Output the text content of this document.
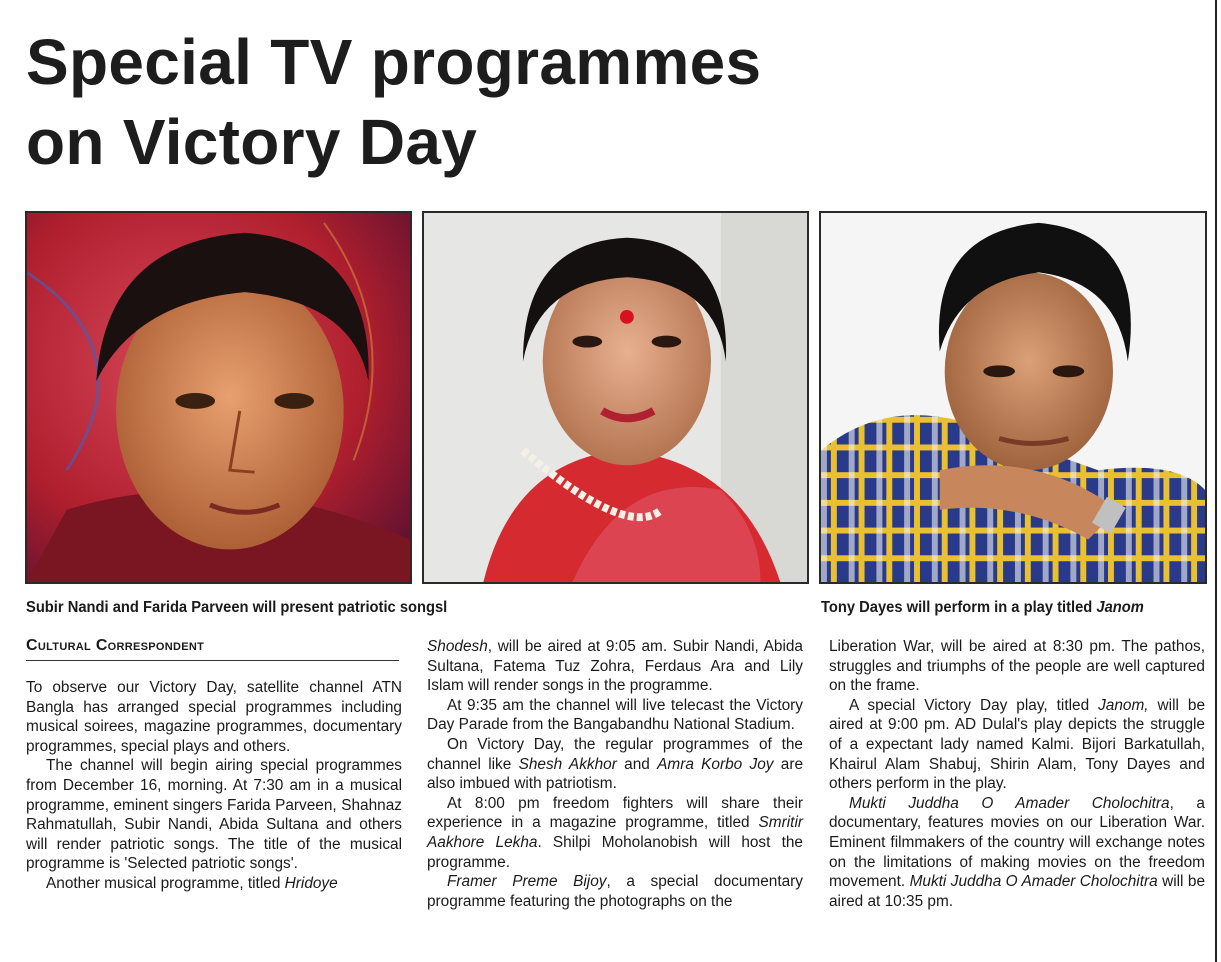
Special TV programmes
on Victory Day
Subir Nandi and Farida Parveen will present patriotic songsl	Tony Dayes will perform in a play titled Janom
Cultural Correspondent

To observe our Victory Day, satellite channel ATN Bangla has arranged special programmes including musical soirees, magazine programmes, documentary programmes, special plays and others.

The channel will begin airing special programmes from December 16, morning. At 7:30 am in a musical programme, eminent singers Farida Parveen, Shahnaz Rahmatullah, Subir Nandi, Abida Sultana and others will render patriotic songs. The title of the musical programme is 'Selected patriotic songs'.

Another musical programme, titled Hridoye

Shodesh, will be aired at 9:05 am. Subir Nandi, Abida Sultana, Fatema Tuz Zohra, Ferdaus Ara and Lily Islam will render songs in the programme.

At 9:35 am the channel will live telecast the Victory Day Parade from the Bangabandhu National Stadium.

On Victory Day, the regular programmes of the channel like Shesh Akkhor and Amra Korbo Joy are also imbued with patriotism.

At 8:00 pm freedom fighters will share their experience in a magazine programme, titled Smritir Aakhore Lekha. Shilpi Moholanobish will host the programme.

Framer Preme Bijoy, a special documentary programme featuring the photographs on the

Liberation War, will be aired at 8:30 pm. The pathos, struggles and triumphs of the people are well captured on the frame.

A special Victory Day play, titled Janom, will be aired at 9:00 pm. AD Dulal's play depicts the struggle of a expectant lady named Kalmi. Bijori Barkatullah, Khairul Alam Shabuj, Shirin Alam, Tony Dayes and others perform in the play.

Mukti Juddha O Amader Cholochitra, a documentary, features movies on our Liberation War. Eminent filmmakers of the country will exchange notes on the limitations of making movies on the freedom movement. Mukti Juddha O Amader Cholochitra will be aired at 10:35 pm.
